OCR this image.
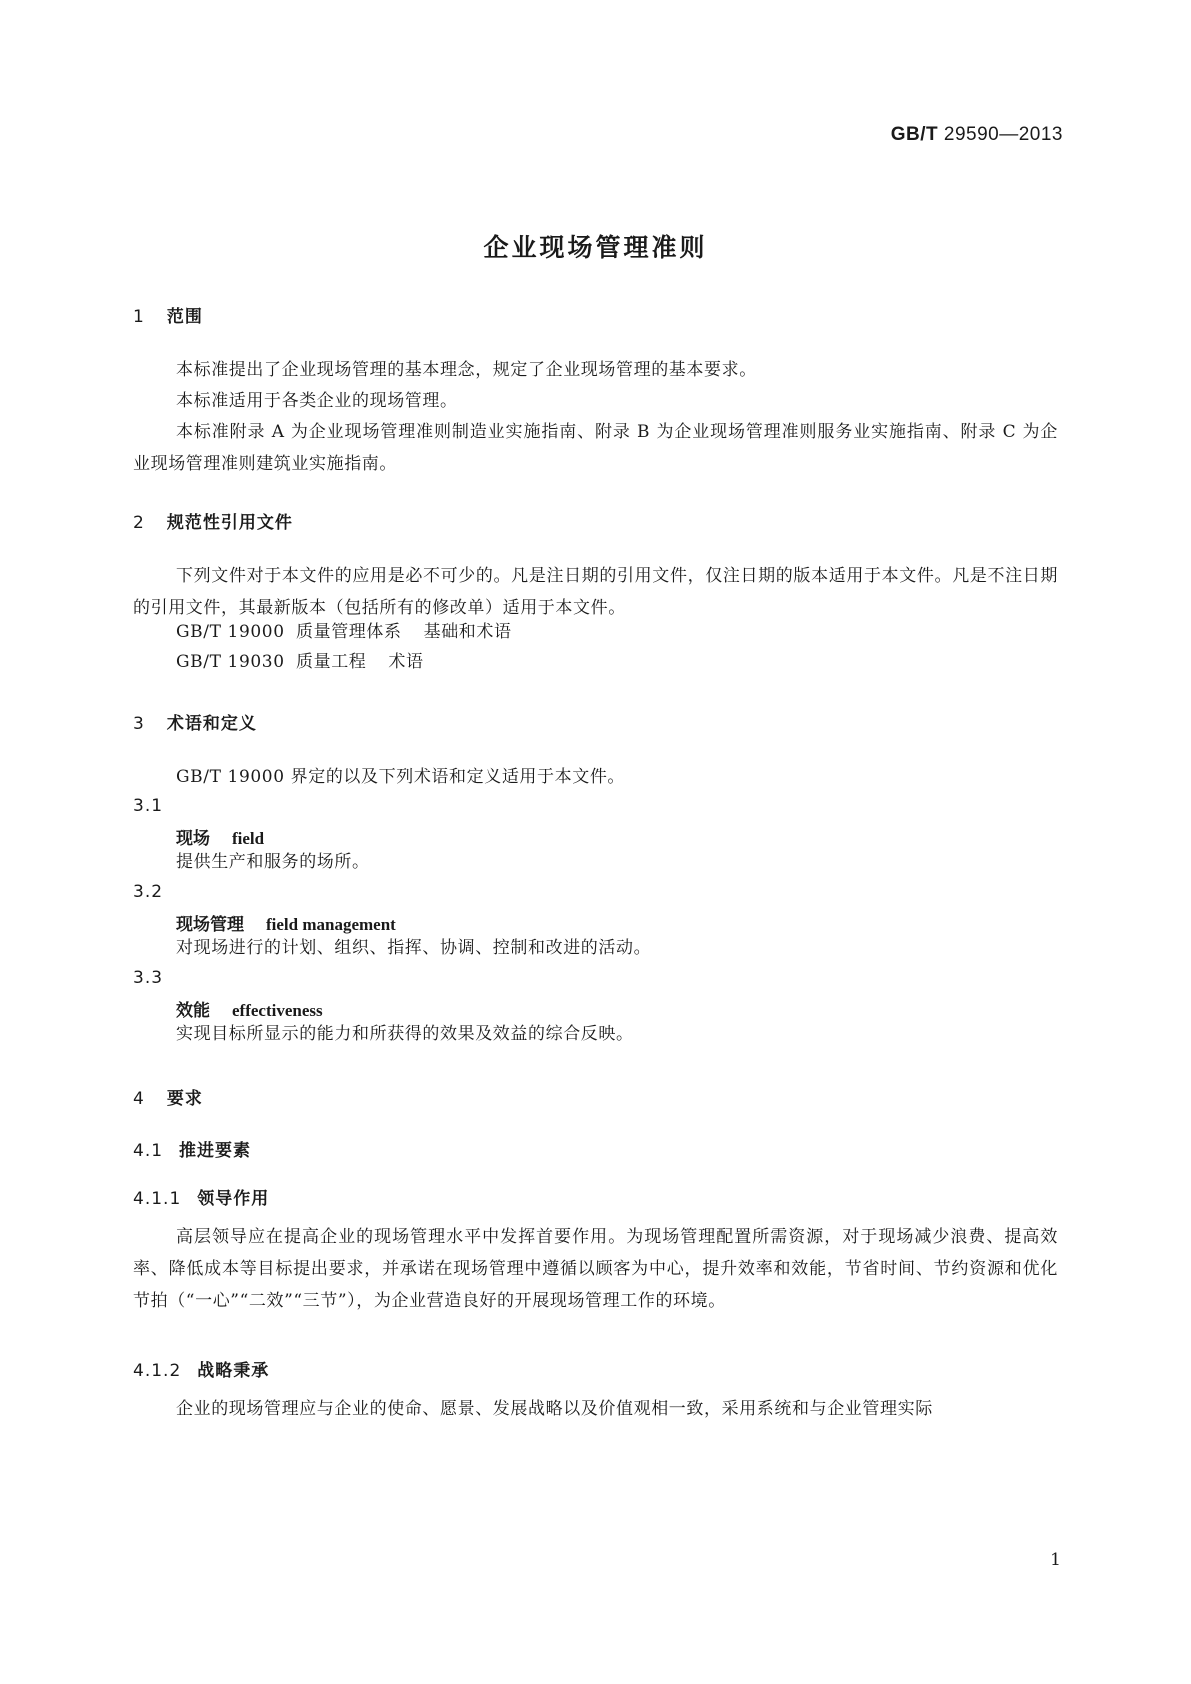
GB/T 29590—2013
企业现场管理准则
1 范围
本标准提出了企业现场管理的基本理念，规定了企业现场管理的基本要求。
本标准适用于各类企业的现场管理。
本标准附录 A 为企业现场管理准则制造业实施指南、附录 B 为企业现场管理准则服务业实施指南、附录 C 为企业现场管理准则建筑业实施指南。
2 规范性引用文件
下列文件对于本文件的应用是必不可少的。凡是注日期的引用文件，仅注日期的版本适用于本文件。凡是不注日期的引用文件，其最新版本（包括所有的修改单）适用于本文件。
GB/T 19000 质量管理体系 基础和术语
GB/T 19030 质量工程 术语
3 术语和定义
GB/T 19000 界定的以及下列术语和定义适用于本文件。
3.1
现场 field
提供生产和服务的场所。
3.2
现场管理 field management
对现场进行的计划、组织、指挥、协调、控制和改进的活动。
3.3
效能 effectiveness
实现目标所显示的能力和所获得的效果及效益的综合反映。
4 要求
4.1 推进要素
4.1.1 领导作用
高层领导应在提高企业的现场管理水平中发挥首要作用。为现场管理配置所需资源，对于现场减少浪费、提高效率、降低成本等目标提出要求，并承诺在现场管理中遵循以顾客为中心，提升效率和效能，节省时间、节约资源和优化节拍（“一心”“二效”“三节”），为企业营造良好的开展现场管理工作的环境。
4.1.2 战略秉承
企业的现场管理应与企业的使命、愿景、发展战略以及价值观相一致，采用系统和与企业管理实际
1
